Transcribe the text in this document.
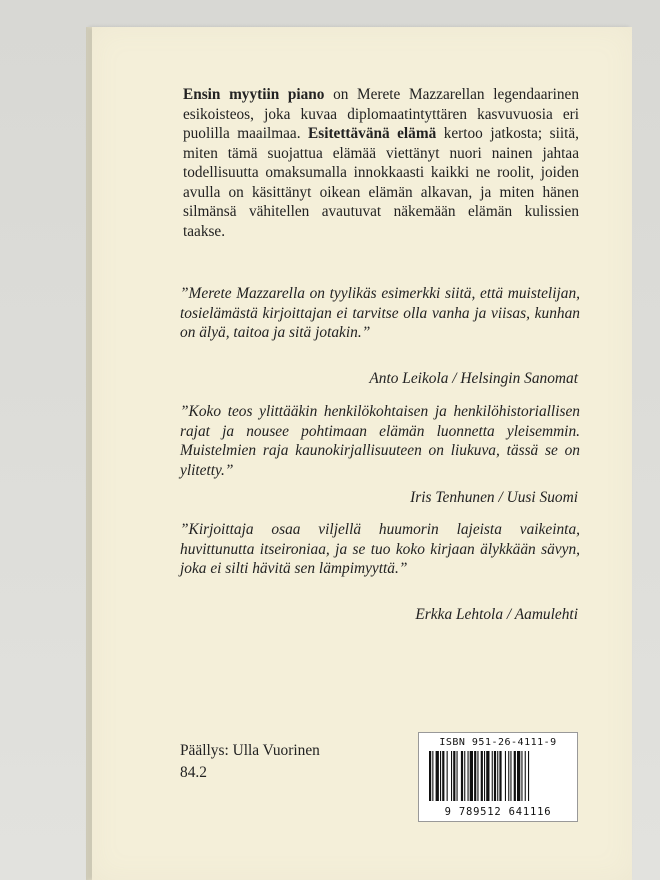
Ensin myytiin piano on Merete Mazzarellan legendaarinen esikoisteos, joka kuvaa diplomaatintyttären kasvuvuosia eri puolilla maailmaa. Esitettävänä elämä kertoo jatkosta; siitä, miten tämä suojattua elämää viettänyt nuori nainen jahtaa todellisuutta omaksumalla innokkaasti kaikki ne roolit, joiden avulla on käsittänyt oikean elämän alkavan, ja miten hänen silmänsä vähitellen avautuvat näkemään elämän kulissien taakse.

”Merete Mazzarella on tyylikäs esimerkki siitä, että muistelijan, tosielämästä kirjoittajan ei tarvitse olla vanha ja viisas, kunhan on älyä, taitoa ja sitä jotakin.”

Anto Leikola / Helsingin Sanomat

”Koko teos ylittääkin henkilökohtaisen ja henkilöhistoriallisen rajat ja nousee pohtimaan elämän luonnetta yleisemmin. Muistelmien raja kaunokirjallisuuteen on liukuva, tässä se on ylitetty.”

Iris Tenhunen / Uusi Suomi

”Kirjoittaja osaa viljellä huumorin lajeista vaikeinta, huvittunutta itseironiaa, ja se tuo koko kirjaan älykkään sävyn, joka ei silti hävitä sen lämpimyyttä.”

Erkka Lehtola / Aamulehti
Päällys: Ulla Vuorinen
84.2
ISBN 951-26-4111-9
9 789512 641116
